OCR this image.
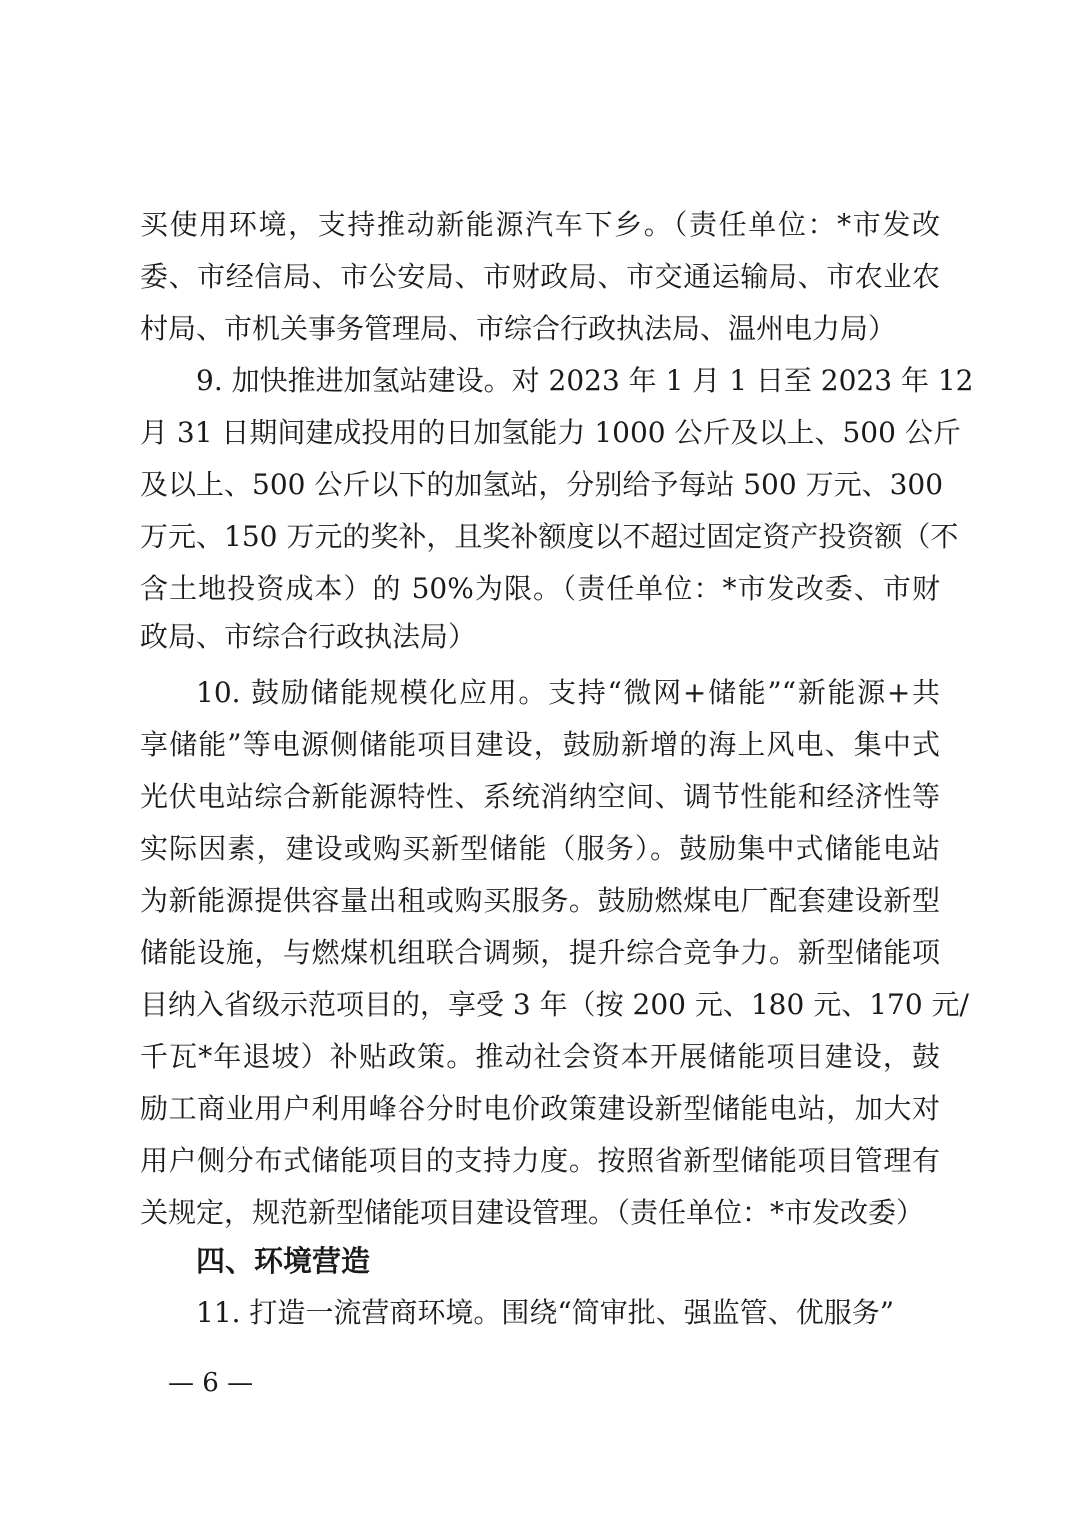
买使用环境，支持推动新能源汽车下乡。（责任单位：*市发改
委、市经信局、市公安局、市财政局、市交通运输局、市农业农
村局、市机关事务管理局、市综合行政执法局、温州电力局）
9. 加快推进加氢站建设。对 2023 年 1 月 1 日至 2023 年 12
月 31 日期间建成投用的日加氢能力 1000 公斤及以上、500 公斤
及以上、500 公斤以下的加氢站，分别给予每站 500 万元、300
万元、150 万元的奖补，且奖补额度以不超过固定资产投资额（不
含土地投资成本）的 50%为限。（责任单位：*市发改委、市财
政局、市综合行政执法局）
10. 鼓励储能规模化应用。支持“微网+储能”“新能源+共
享储能”等电源侧储能项目建设，鼓励新增的海上风电、集中式
光伏电站综合新能源特性、系统消纳空间、调节性能和经济性等
实际因素，建设或购买新型储能（服务）。鼓励集中式储能电站
为新能源提供容量出租或购买服务。鼓励燃煤电厂配套建设新型
储能设施，与燃煤机组联合调频，提升综合竞争力。新型储能项
目纳入省级示范项目的，享受 3 年（按 200 元、180 元、170 元/
千瓦*年退坡）补贴政策。推动社会资本开展储能项目建设，鼓
励工商业用户利用峰谷分时电价政策建设新型储能电站，加大对
用户侧分布式储能项目的支持力度。按照省新型储能项目管理有
关规定，规范新型储能项目建设管理。（责任单位：*市发改委）
四、环境营造
11. 打造一流营商环境。围绕“简审批、强监管、优服务”
— 6 —
